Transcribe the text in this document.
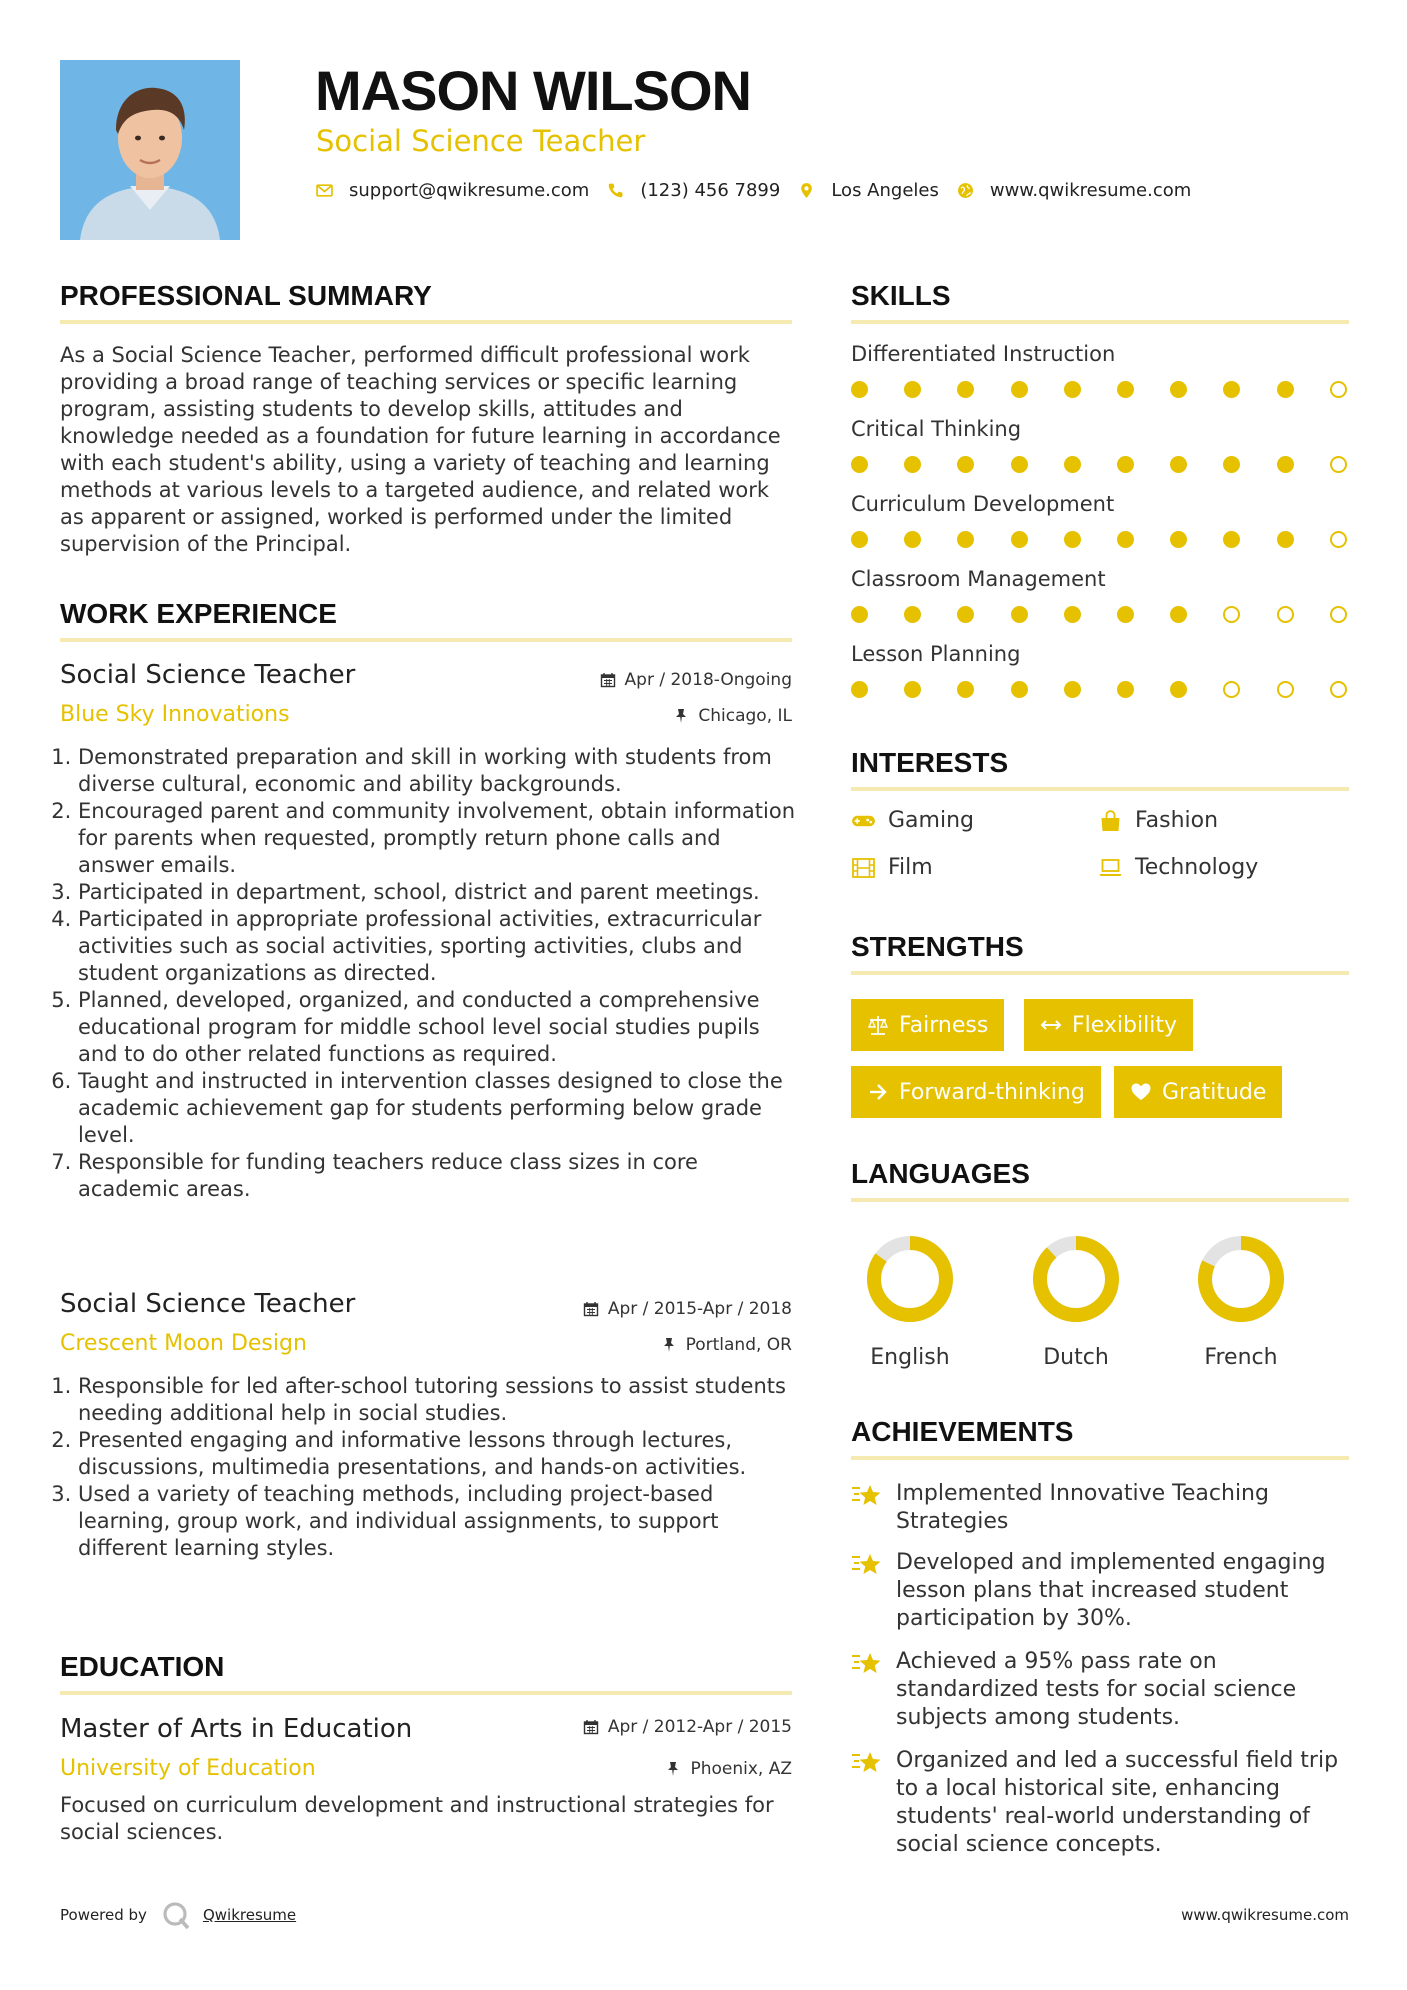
MASON WILSON
Social Science Teacher
support@qwikresume.com	(123) 456 7899	Los Angeles	www.qwikresume.com
PROFESSIONAL SUMMARY
As a Social Science Teacher, performed difficult professional work providing a broad range of teaching services or specific learning program, assisting students to develop skills, attitudes and knowledge needed as a foundation for future learning in accordance with each student's ability, using a variety of teaching and learning methods at various levels to a targeted audience, and related work as apparent or assigned, worked is performed under the limited supervision of the Principal.
WORK EXPERIENCE
Social Science Teacher	Apr / 2018-Ongoing
Blue Sky Innovations	Chicago, IL
1. Demonstrated preparation and skill in working with students from diverse cultural, economic and ability backgrounds.
2. Encouraged parent and community involvement, obtain information for parents when requested, promptly return phone calls and answer emails.
3. Participated in department, school, district and parent meetings.
4. Participated in appropriate professional activities, extracurricular activities such as social activities, sporting activities, clubs and student organizations as directed.
5. Planned, developed, organized, and conducted a comprehensive educational program for middle school level social studies pupils and to do other related functions as required.
6. Taught and instructed in intervention classes designed to close the academic achievement gap for students performing below grade level.
7. Responsible for funding teachers reduce class sizes in core academic areas.
Social Science Teacher	Apr / 2015-Apr / 2018
Crescent Moon Design	Portland, OR
1. Responsible for led after-school tutoring sessions to assist students needing additional help in social studies.
2. Presented engaging and informative lessons through lectures, discussions, multimedia presentations, and hands-on activities.
3. Used a variety of teaching methods, including project-based learning, group work, and individual assignments, to support different learning styles.
EDUCATION
Master of Arts in Education	Apr / 2012-Apr / 2015
University of Education	Phoenix, AZ
Focused on curriculum development and instructional strategies for social sciences.
SKILLS
Differentiated Instruction
Critical Thinking
Curriculum Development
Classroom Management
Lesson Planning
INTERESTS
Gaming	Fashion
Film	Technology
STRENGTHS
Fairness	Flexibility
Forward-thinking	Gratitude
LANGUAGES
English	Dutch	French
ACHIEVEMENTS
Implemented Innovative Teaching Strategies
Developed and implemented engaging lesson plans that increased student participation by 30%.
Achieved a 95% pass rate on standardized tests for social science subjects among students.
Organized and led a successful field trip to a local historical site, enhancing students' real-world understanding of social science concepts.
Powered by	Qwikresume	www.qwikresume.com
